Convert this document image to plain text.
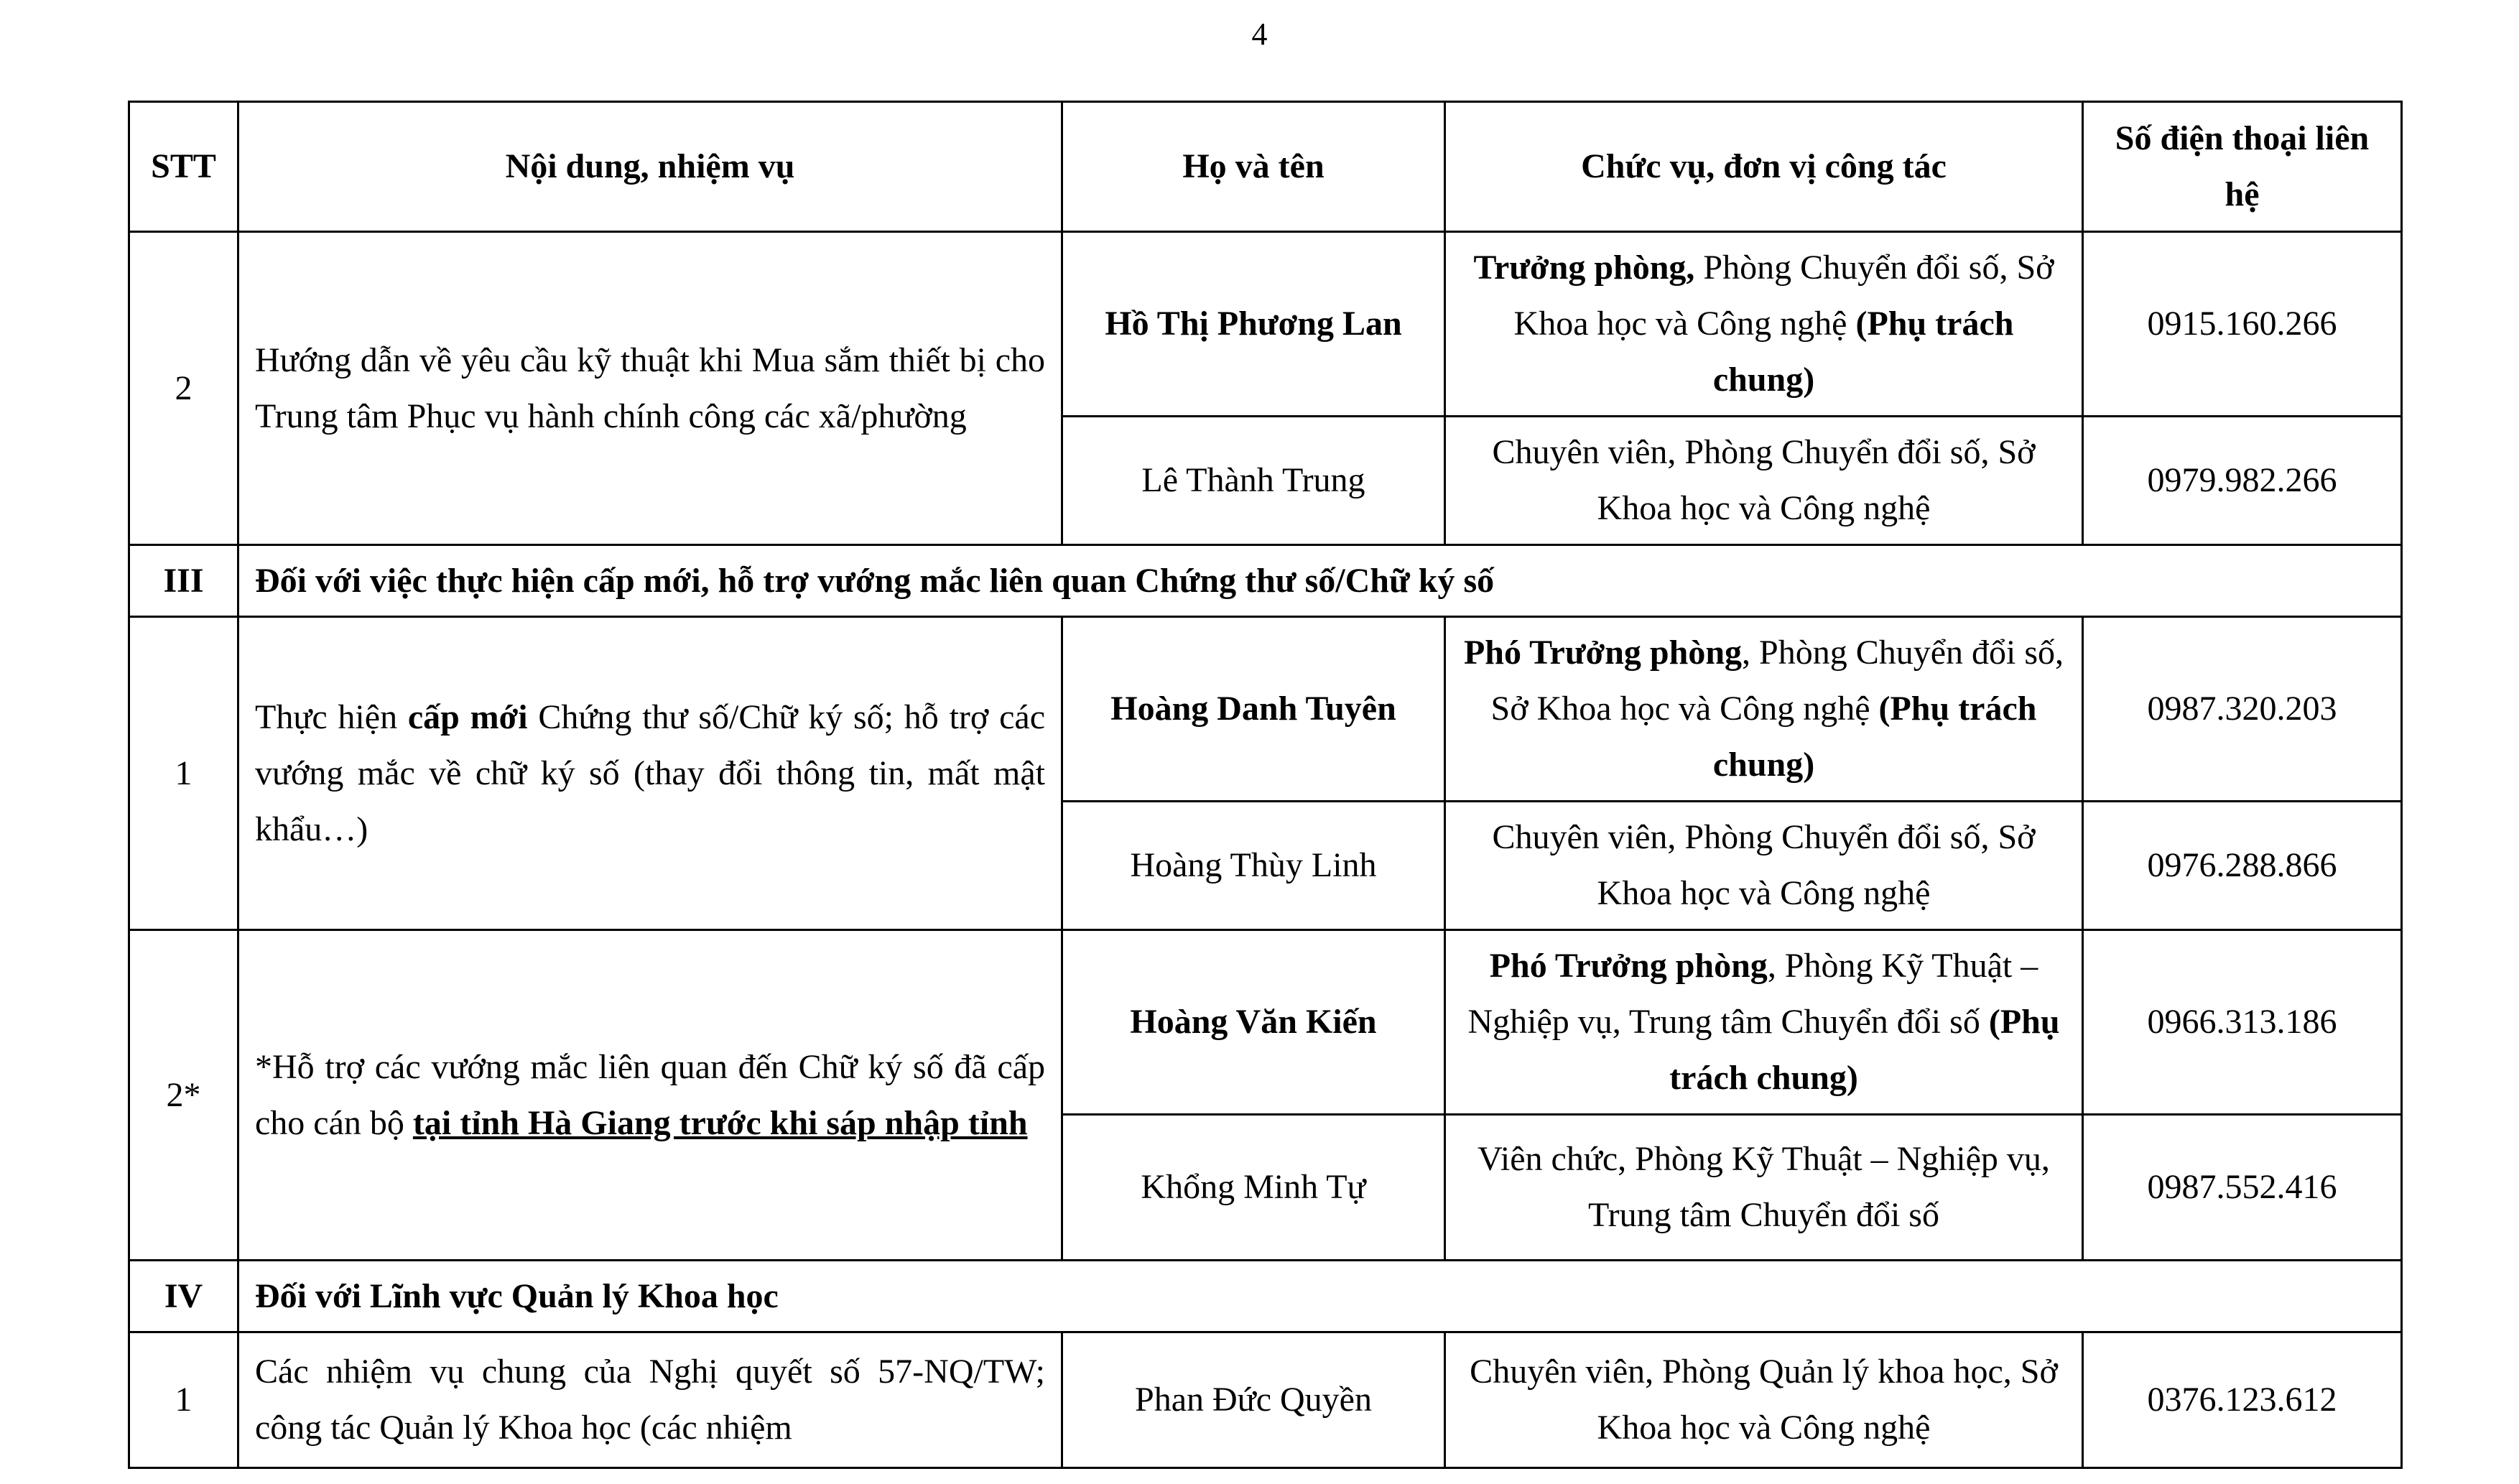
4
STT	Nội dung, nhiệm vụ	Họ và tên	Chức vụ, đơn vị công tác	Số điện thoại liên hệ
2	Hướng dẫn về yêu cầu kỹ thuật khi Mua sắm thiết bị cho Trung tâm Phục vụ hành chính công các xã/phường	Hồ Thị Phương Lan	Trưởng phòng, Phòng Chuyển đổi số, Sở Khoa học và Công nghệ (Phụ trách chung)	0915.160.266
		Lê Thành Trung	Chuyên viên, Phòng Chuyển đổi số, Sở Khoa học và Công nghệ	0979.982.266
III	Đối với việc thực hiện cấp mới, hỗ trợ vướng mắc liên quan Chứng thư số/Chữ ký số			
1	Thực hiện cấp mới Chứng thư số/Chữ ký số; hỗ trợ các vướng mắc về chữ ký số (thay đổi thông tin, mất mật khẩu…)	Hoàng Danh Tuyên	Phó Trưởng phòng, Phòng Chuyển đổi số, Sở Khoa học và Công nghệ (Phụ trách chung)	0987.320.203
		Hoàng Thùy Linh	Chuyên viên, Phòng Chuyển đổi số, Sở Khoa học và Công nghệ	0976.288.866
2*	*Hỗ trợ các vướng mắc liên quan đến Chữ ký số đã cấp cho cán bộ tại tỉnh Hà Giang trước khi sáp nhập tỉnh	Hoàng Văn Kiến	Phó Trưởng phòng, Phòng Kỹ Thuật – Nghiệp vụ, Trung tâm Chuyển đổi số (Phụ trách chung)	0966.313.186
		Khổng Minh Tự	Viên chức, Phòng Kỹ Thuật – Nghiệp vụ, Trung tâm Chuyển đổi số	0987.552.416
IV	Đối với Lĩnh vực Quản lý Khoa học			
1	Các nhiệm vụ chung của Nghị quyết số 57-NQ/TW; công tác Quản lý Khoa học (các nhiệm	Phan Đức Quyền	Chuyên viên, Phòng Quản lý khoa học, Sở Khoa học và Công nghệ	0376.123.612
